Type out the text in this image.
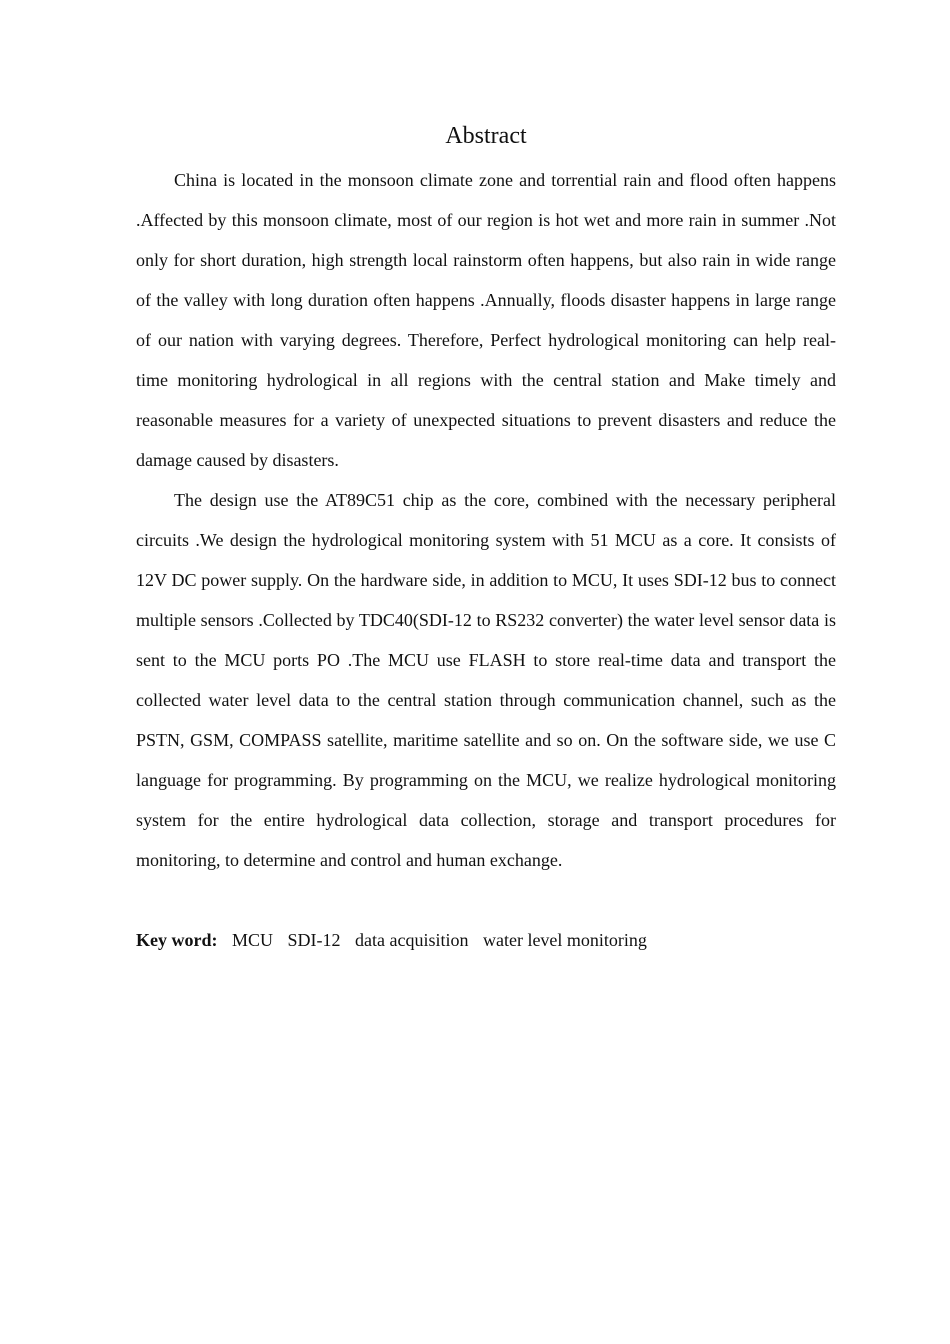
Abstract

China is located in the monsoon climate zone and torrential rain and flood often happens .Affected by this monsoon climate, most of our region is hot wet and more rain in summer .Not only for short duration, high strength local rainstorm often happens, but also rain in wide range of the valley with long duration often happens .Annually, floods disaster happens in large range of our nation with varying degrees. Therefore, Perfect hydrological monitoring can help real-time monitoring hydrological in all regions with the central station and Make timely and reasonable measures for a variety of unexpected situations to prevent disasters and reduce the damage caused by disasters.

The design use the AT89C51 chip as the core, combined with the necessary peripheral circuits .We design the hydrological monitoring system with 51 MCU as a core. It consists of 12V DC power supply. On the hardware side, in addition to MCU, It uses SDI-12 bus to connect multiple sensors .Collected by TDC40(SDI-12 to RS232 converter) the water level sensor data is sent to the MCU ports PO .The MCU use FLASH to store real-time data and transport the collected water level data to the central station through communication channel, such as the PSTN, GSM, COMPASS satellite, maritime satellite and so on. On the software side, we use C language for programming. By programming on the MCU, we realize hydrological monitoring system for the entire hydrological data collection, storage and transport procedures for monitoring, to determine and control and human exchange.

Key word: MCU SDI-12 data acquisition water level monitoring
